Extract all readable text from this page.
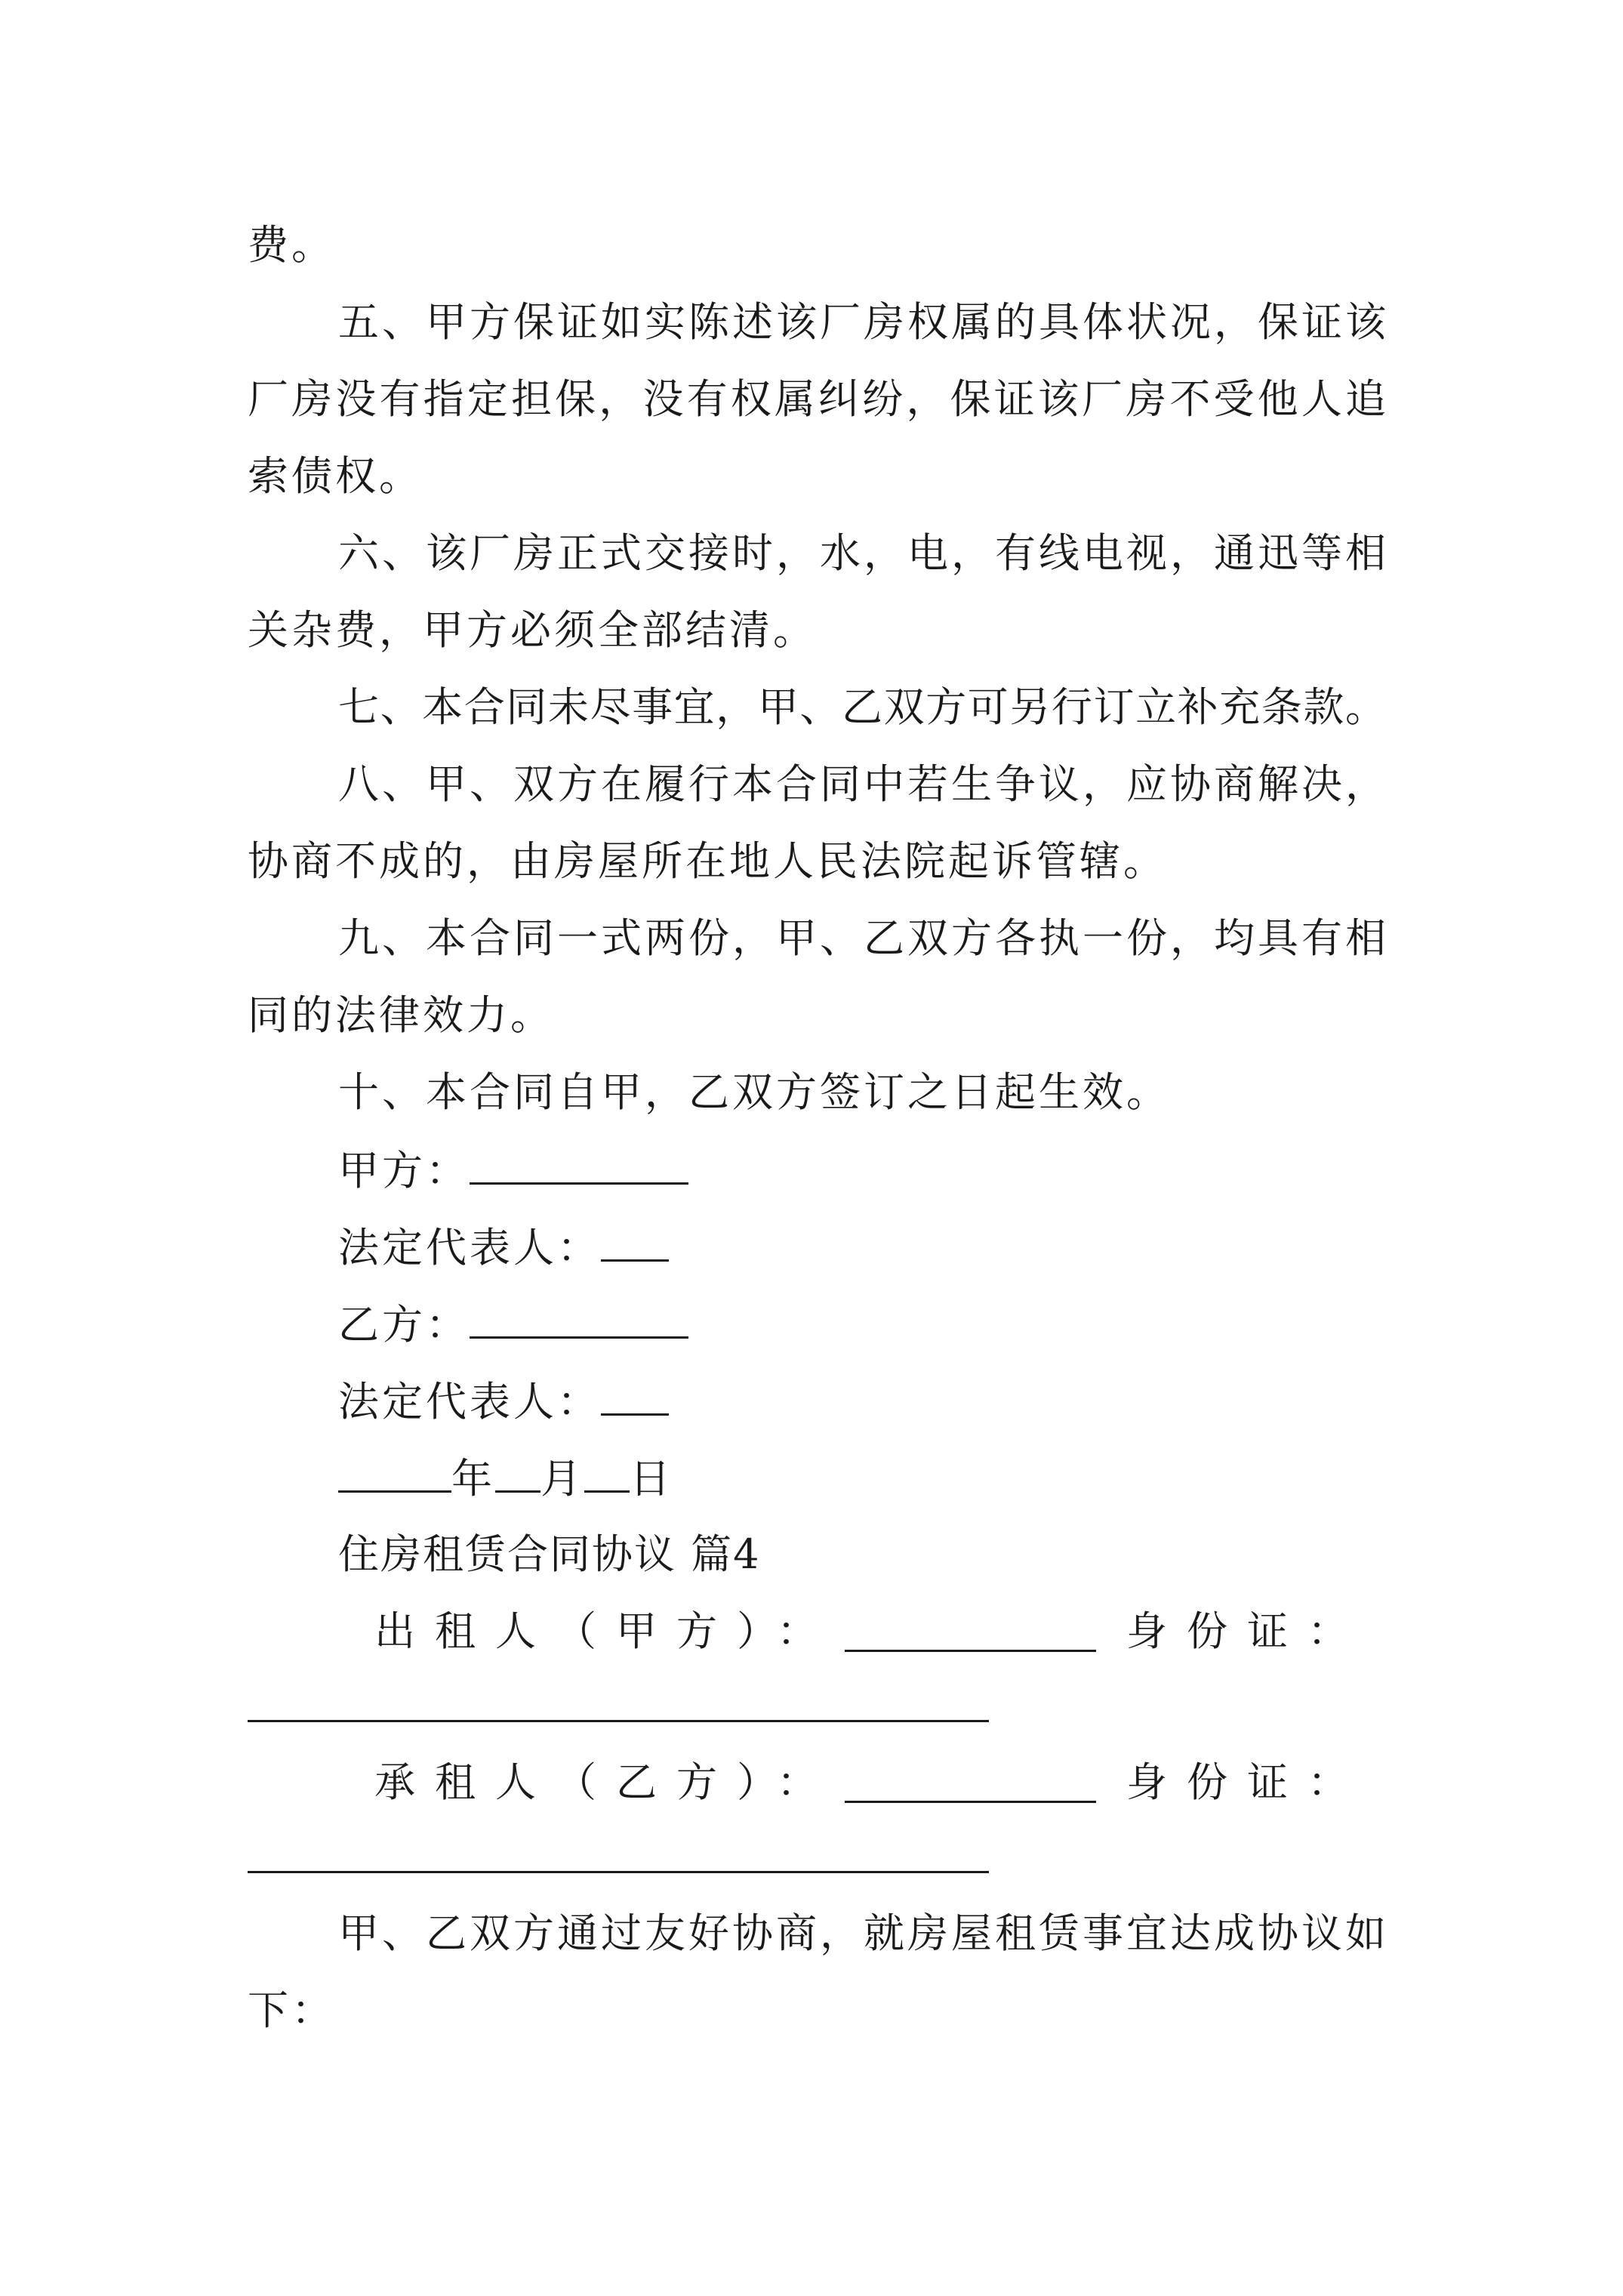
费。
五、甲方保证如实陈述该厂房权属的具体状况，保证该
厂房没有指定担保，没有权属纠纷，保证该厂房不受他人追
索债权。
六、该厂房正式交接时，水，电，有线电视，通迅等相
关杂费，甲方必须全部结清。
七、本合同未尽事宜，甲、乙双方可另行订立补充条款。
八、甲、双方在履行本合同中若生争议，应协商解决，
协商不成的，由房屋所在地人民法院起诉管辖。
九、本合同一式两份，甲、乙双方各执一份，均具有相
同的法律效力。
十、本合同自甲，乙双方签订之日起生效。
甲方：
法定代表人：
乙方：
法定代表人：
年 月 日
住房租赁合同协议 篇4
出租人（甲方）：	身份证：
承租人（乙方）：	身份证：
甲、乙双方通过友好协商，就房屋租赁事宜达成协议如
下：
